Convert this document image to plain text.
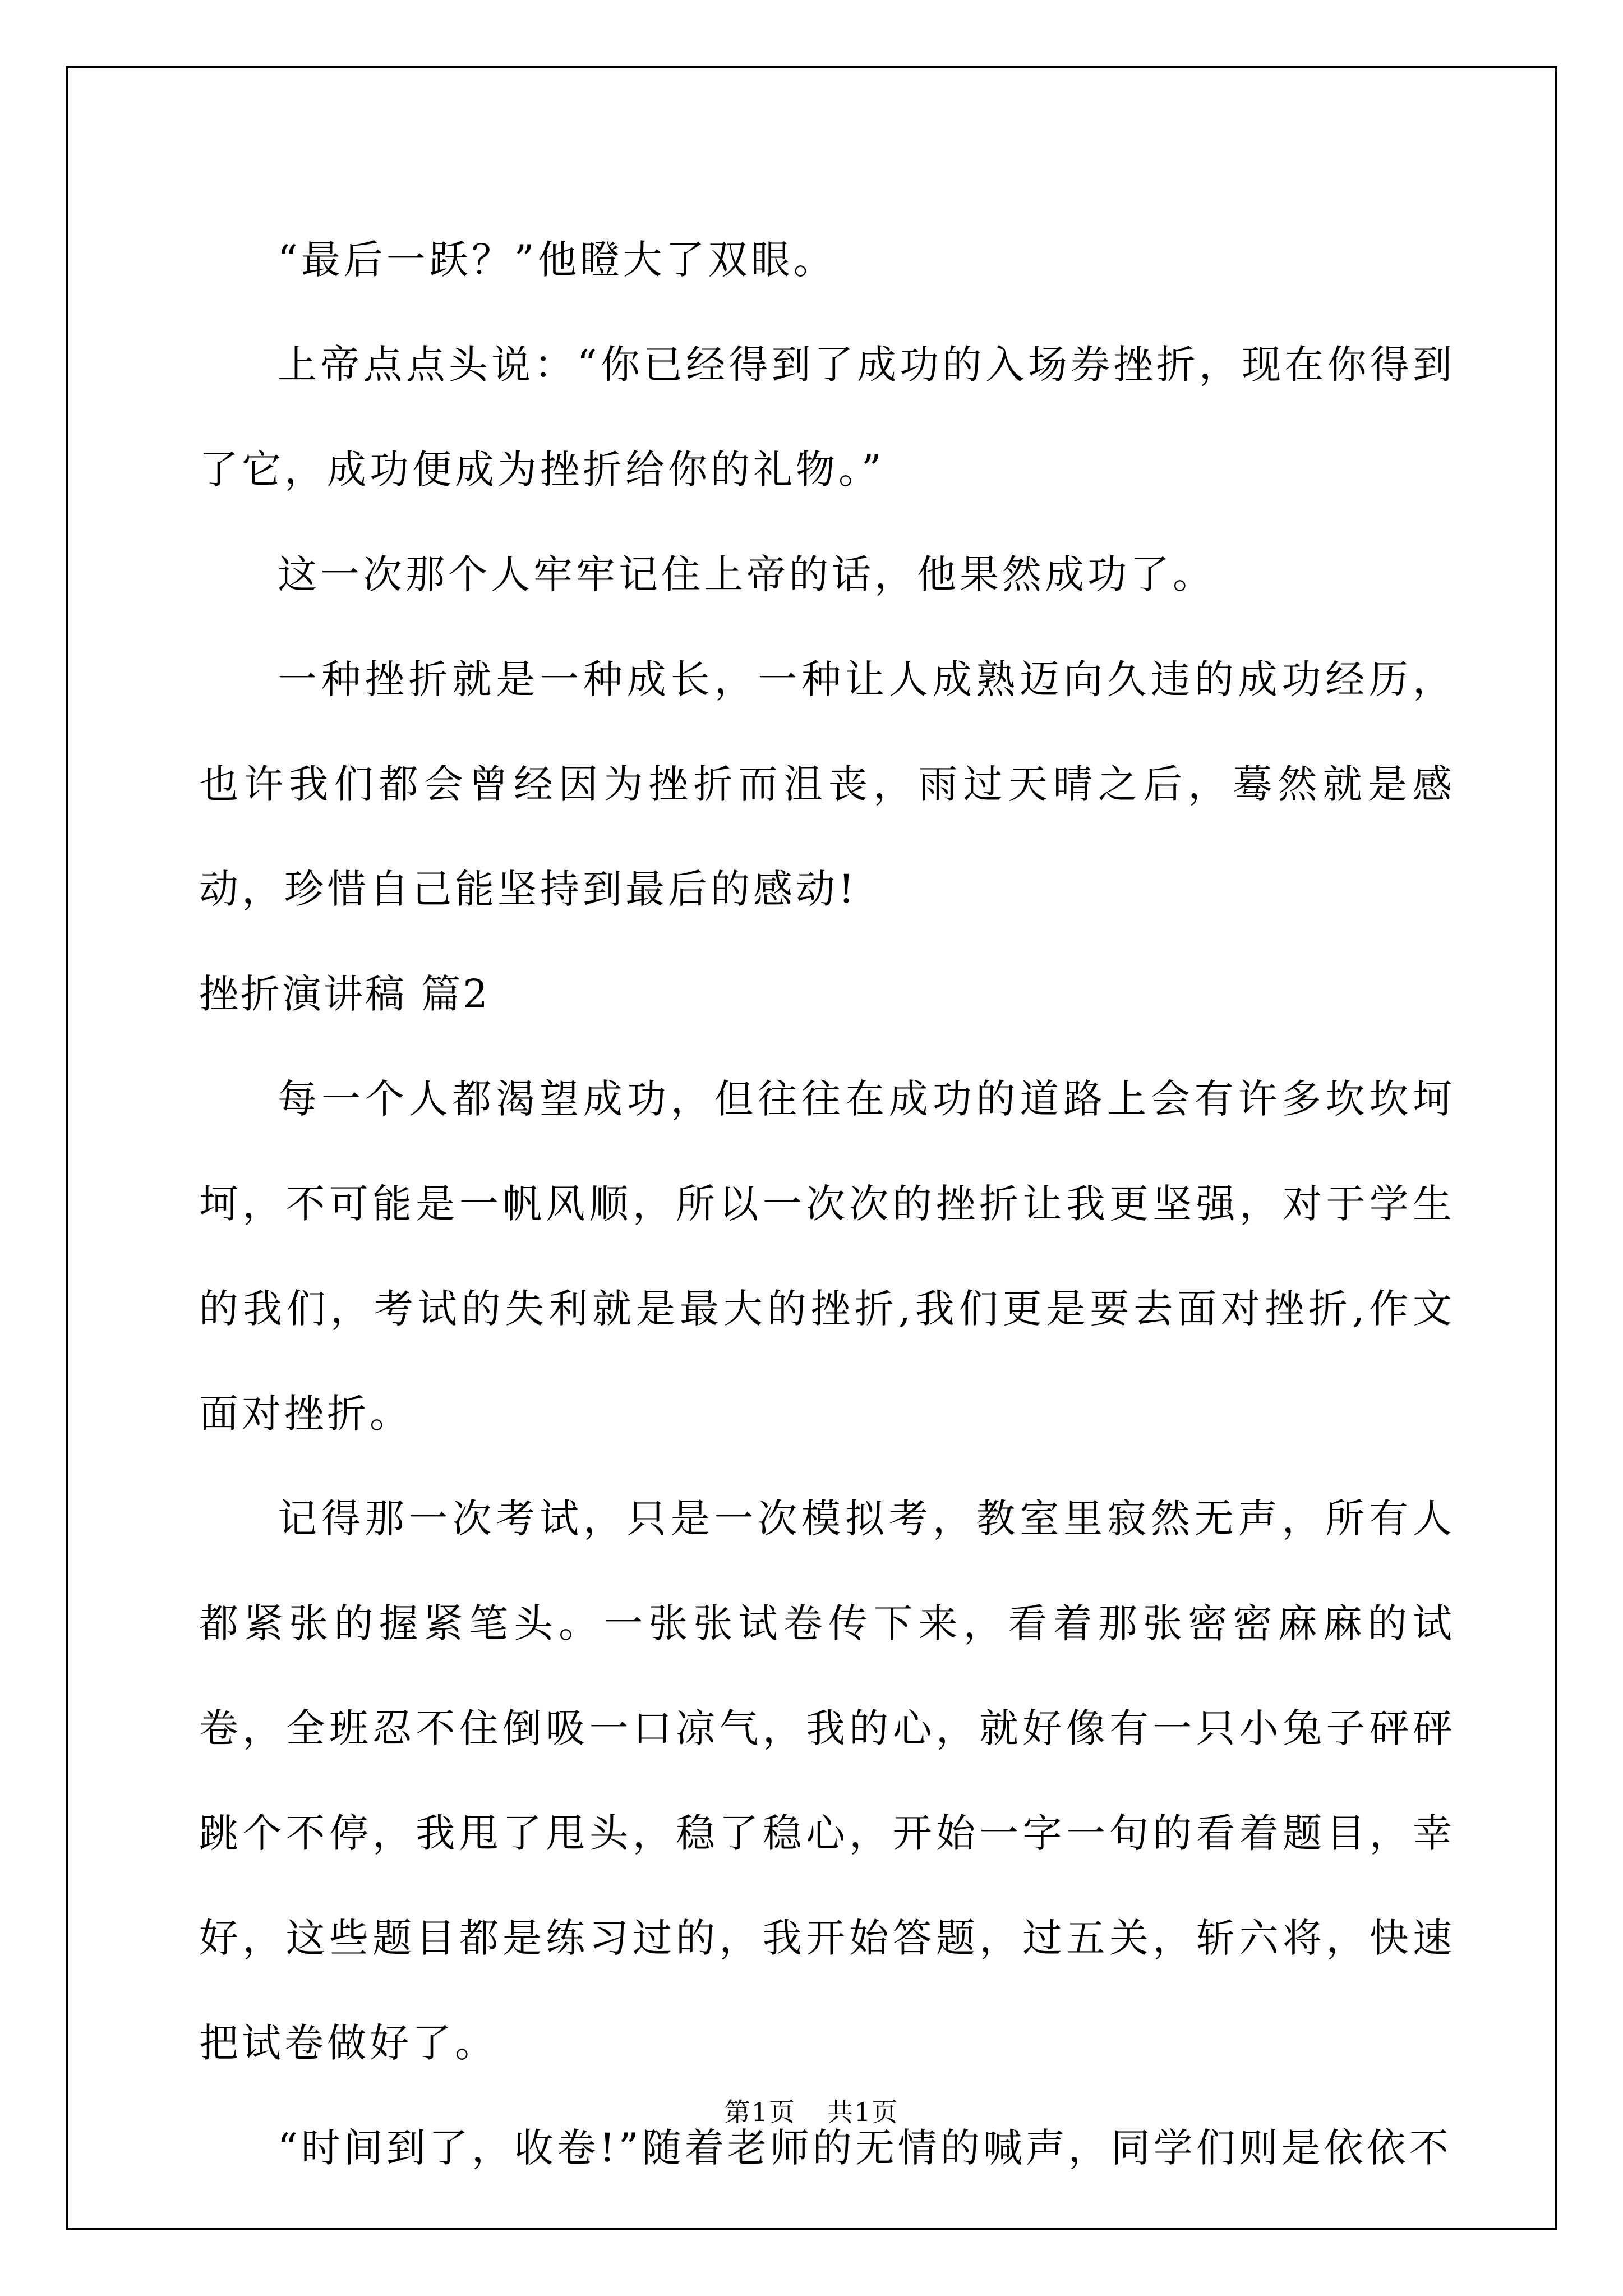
“最后一跃？”他瞪大了双眼。

上帝点点头说：“你已经得到了成功的入场券挫折，现在你得到了它，成功便成为挫折给你的礼物。”

这一次那个人牢牢记住上帝的话，他果然成功了。

一种挫折就是一种成长，一种让人成熟迈向久违的成功经历，也许我们都会曾经因为挫折而沮丧，雨过天晴之后，蓦然就是感动，珍惜自己能坚持到最后的感动!

挫折演讲稿 篇2

每一个人都渴望成功，但往往在成功的道路上会有许多坎坎坷坷，不可能是一帆风顺，所以一次次的挫折让我更坚强，对于学生的我们，考试的失利就是最大的挫折,我们更是要去面对挫折,作文 面对挫折。

记得那一次考试，只是一次模拟考，教室里寂然无声，所有人都紧张的握紧笔头。一张张试卷传下来，看着那张密密麻麻的试卷，全班忍不住倒吸一口凉气，我的心，就好像有一只小兔子砰砰跳个不停，我甩了甩头，稳了稳心，开始一字一句的看着题目，幸好，这些题目都是练习过的，我开始答题，过五关，斩六将，快速把试卷做好了。

“时间到了，收卷!”随着老师的无情的喊声，同学们则是依依不

第1页 共1页
